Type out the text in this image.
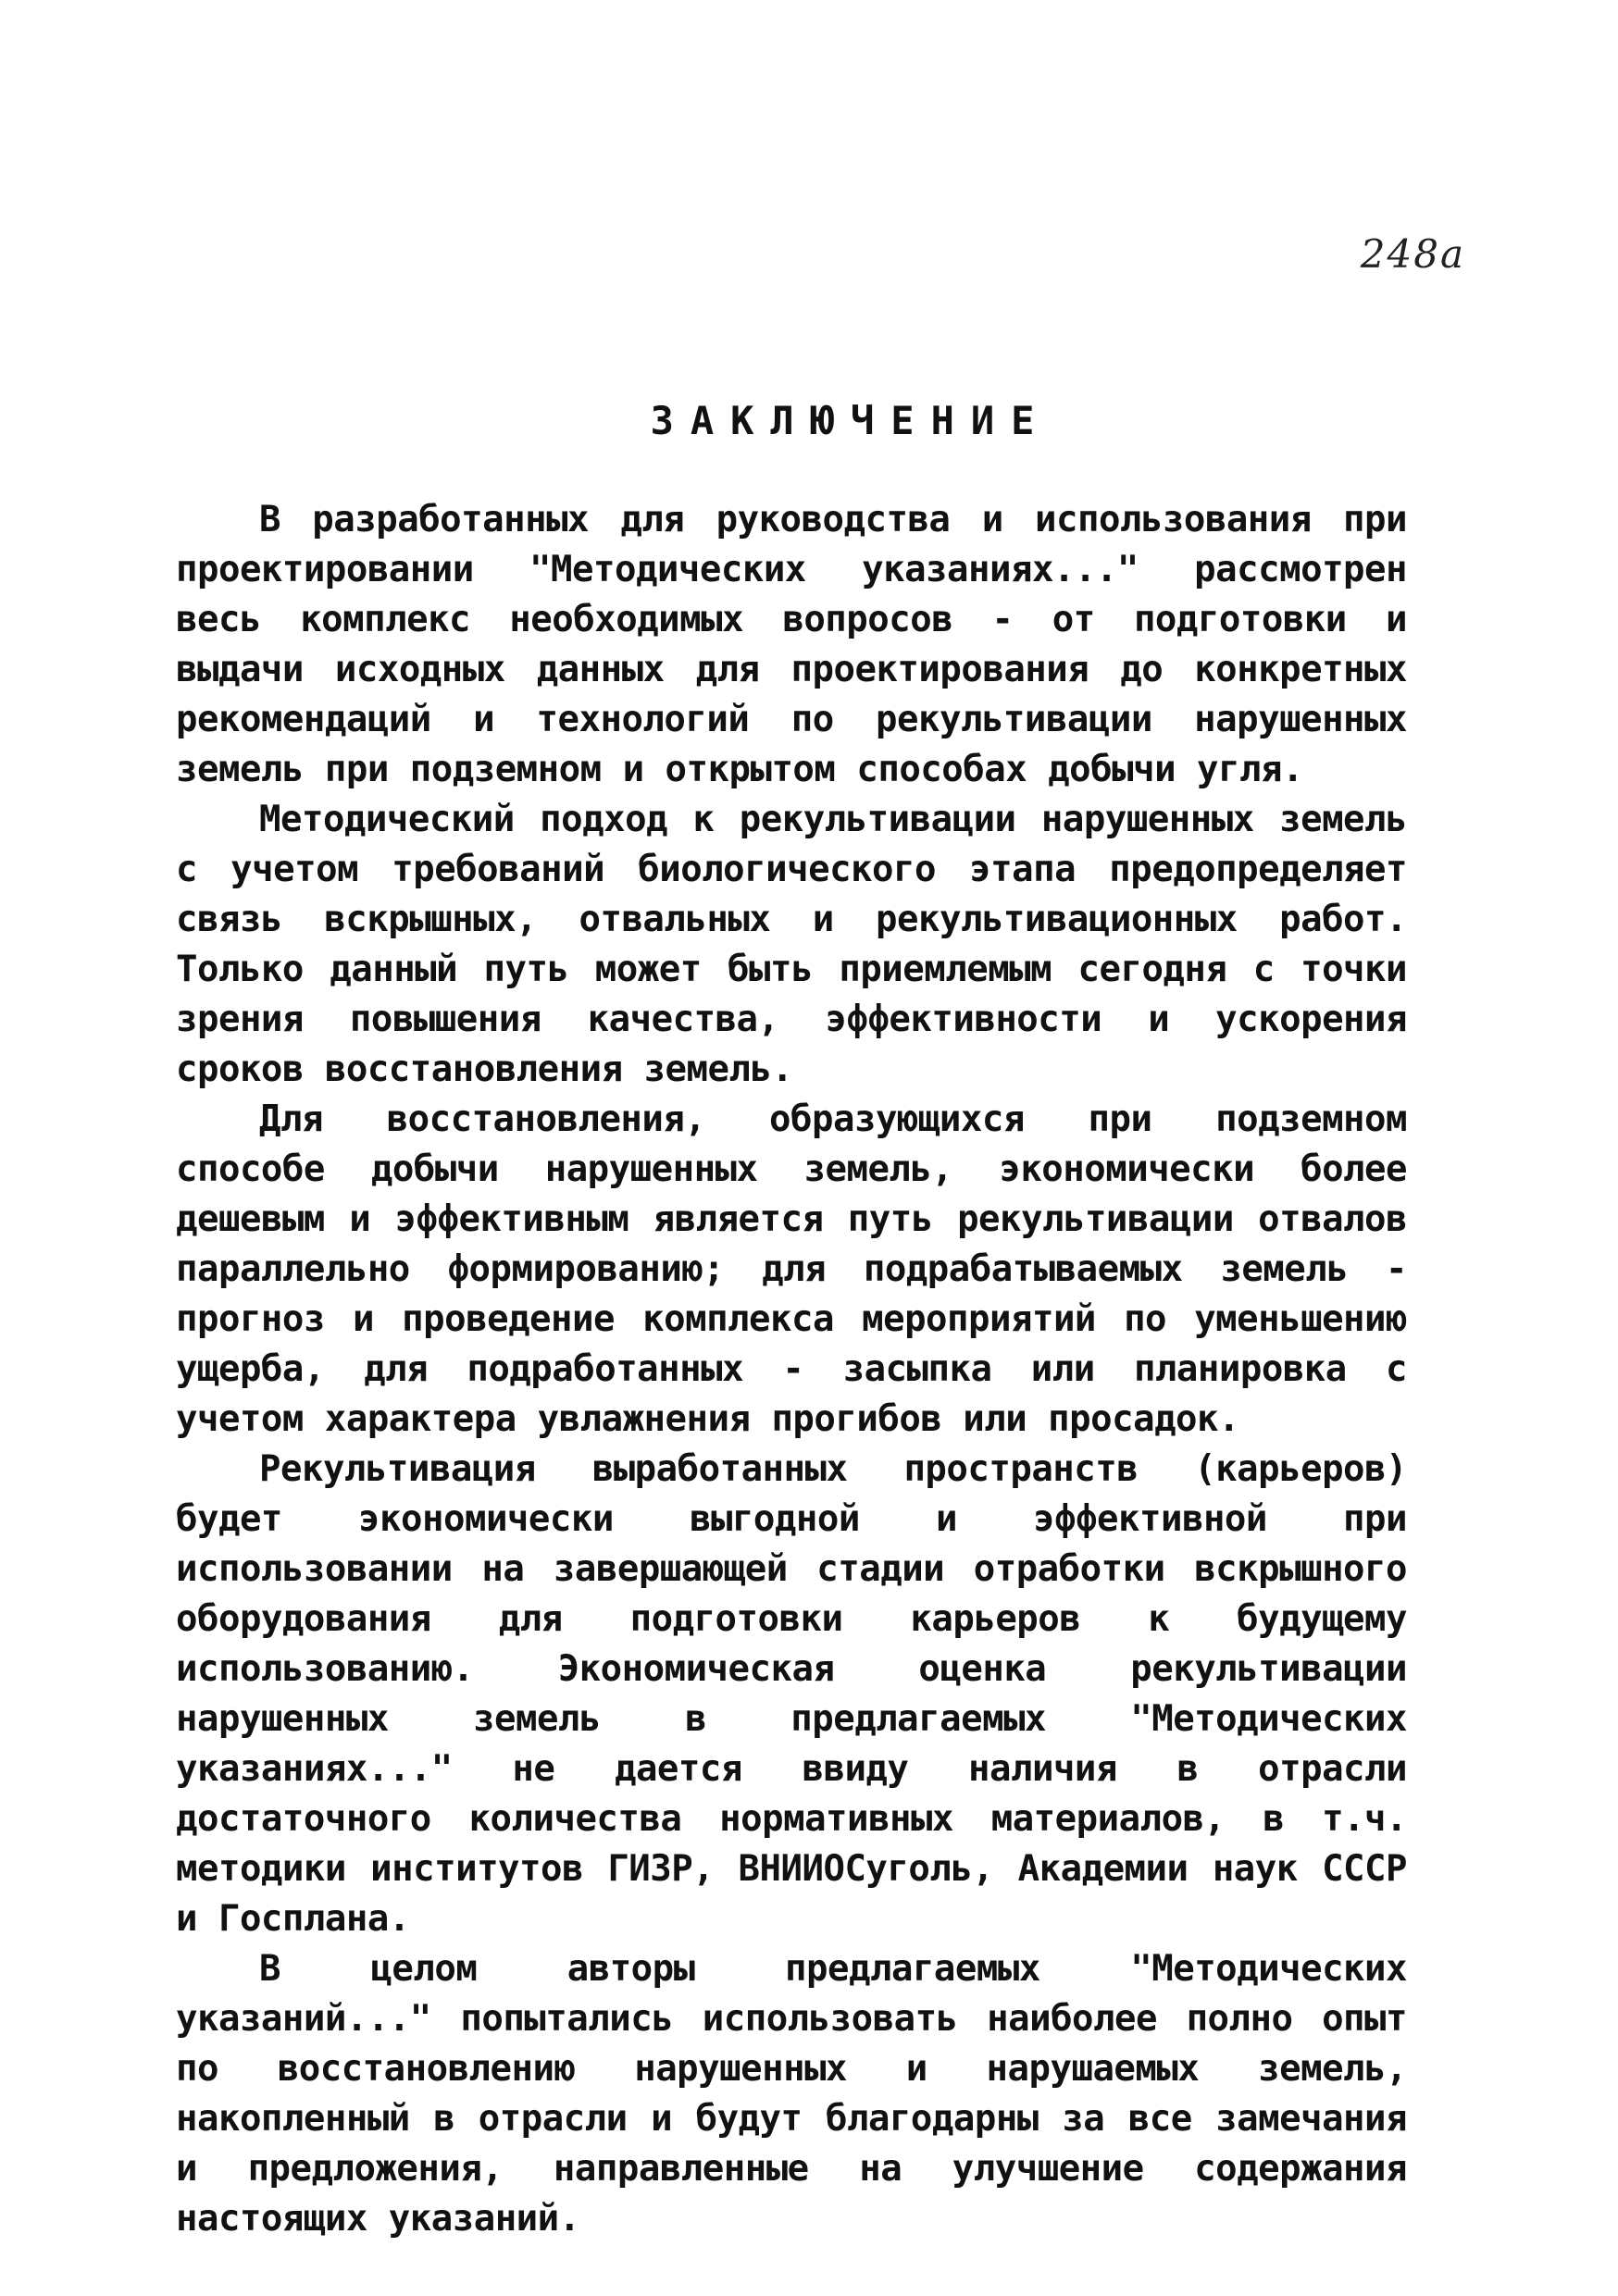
248а
ЗАКЛЮЧЕНИЕ

В разработанных для руководства и использования при проектировании "Методических указаниях..." рассмотрен весь комплекс необходимых вопросов - от подготовки и выдачи исходных данных для проектирования до конкретных рекомендаций и технологий по рекультивации нарушенных земель при подземном и открытом способах добычи угля.

Методический подход к рекультивации нарушенных земель с учетом требований биологического этапа предопределяет связь вскрышных, отвальных и рекультивационных работ. Только данный путь может быть приемлемым сегодня с точки зрения повышения качества, эффективности и ускорения сроков восстановления земель.

Для восстановления, образующихся при подземном способе добычи нарушенных земель, экономически более дешевым и эффективным является путь рекультивации отвалов параллельно формированию; для подрабатываемых земель - прогноз и проведение комплекса мероприятий по уменьшению ущерба, для подработанных - засыпка или планировка с учетом характера увлажнения прогибов или просадок.

Рекультивация выработанных пространств (карьеров) будет экономически выгодной и эффективной при использовании на завершающей стадии отработки вскрышного оборудования для подготовки карьеров к будущему использованию. Экономическая оценка рекультивации нарушенных земель в предлагаемых "Методических указаниях..." не дается ввиду наличия в отрасли достаточного количества нормативных материалов, в т.ч. методики институтов ГИЗР, ВНИИОСуголь, Академии наук СССР и Госплана.

В целом авторы предлагаемых "Методических указаний..." попытались использовать наиболее полно опыт по восстановлению нарушенных и нарушаемых земель, накопленный в отрасли и будут благодарны за все замечания и предложения, направленные на улучшение содержания настоящих указаний.
